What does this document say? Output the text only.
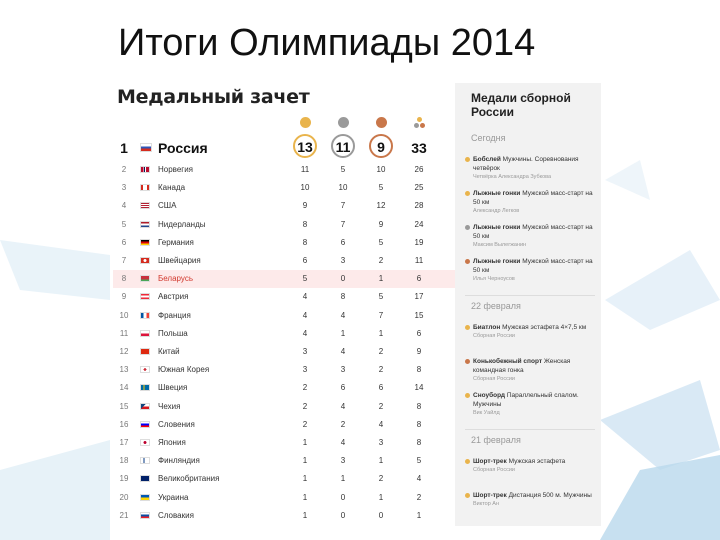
Итоги Олимпиады 2014
Медальный зачет
1 Россия	13	11	9	33
2	Норвегия	11	5	10	26
3	Канада	10	10	5	25
4	США	9	7	12	28
5	Нидерланды	8	7	9	24
6	Германия	8	6	5	19
7	Швейцария	6	3	2	11
8	Беларусь	5	0	1	6
9	Австрия	4	8	5	17
10	Франция	4	4	7	15
11	Польша	4	1	1	6
12	Китай	3	4	2	9
13	Южная Корея	3	3	2	8
14	Швеция	2	6	6	14
15	Чехия	2	4	2	8
16	Словения	2	2	4	8
17	Япония	1	4	3	8
18	Финляндия	1	3	1	5
19	Великобритания	1	1	2	4
20	Украина	1	0	1	2
21	Словакия	1	0	0	1
Медали сборной России
Сегодня
Бобслей Мужчины. Соревнования четвёрок
Четвёрка Александра Зубкова
Лыжные гонки Мужской масс-старт на 50 км
Александр Легков
Лыжные гонки Мужской масс-старт на 50 км
Максим Вылегжанин
Лыжные гонки Мужской масс-старт на 50 км
Илья Черноусов
22 февраля
Биатлон Мужская эстафета 4×7,5 км
Сборная России
Конькобежный спорт Женская командная гонка
Сборная России
Сноуборд Параллельный слалом. Мужчины
Вик Уайлд
21 февраля
Шорт-трек Мужская эстафета
Сборная России
Шорт-трек Дистанция 500 м. Мужчины
Виктор Ан
